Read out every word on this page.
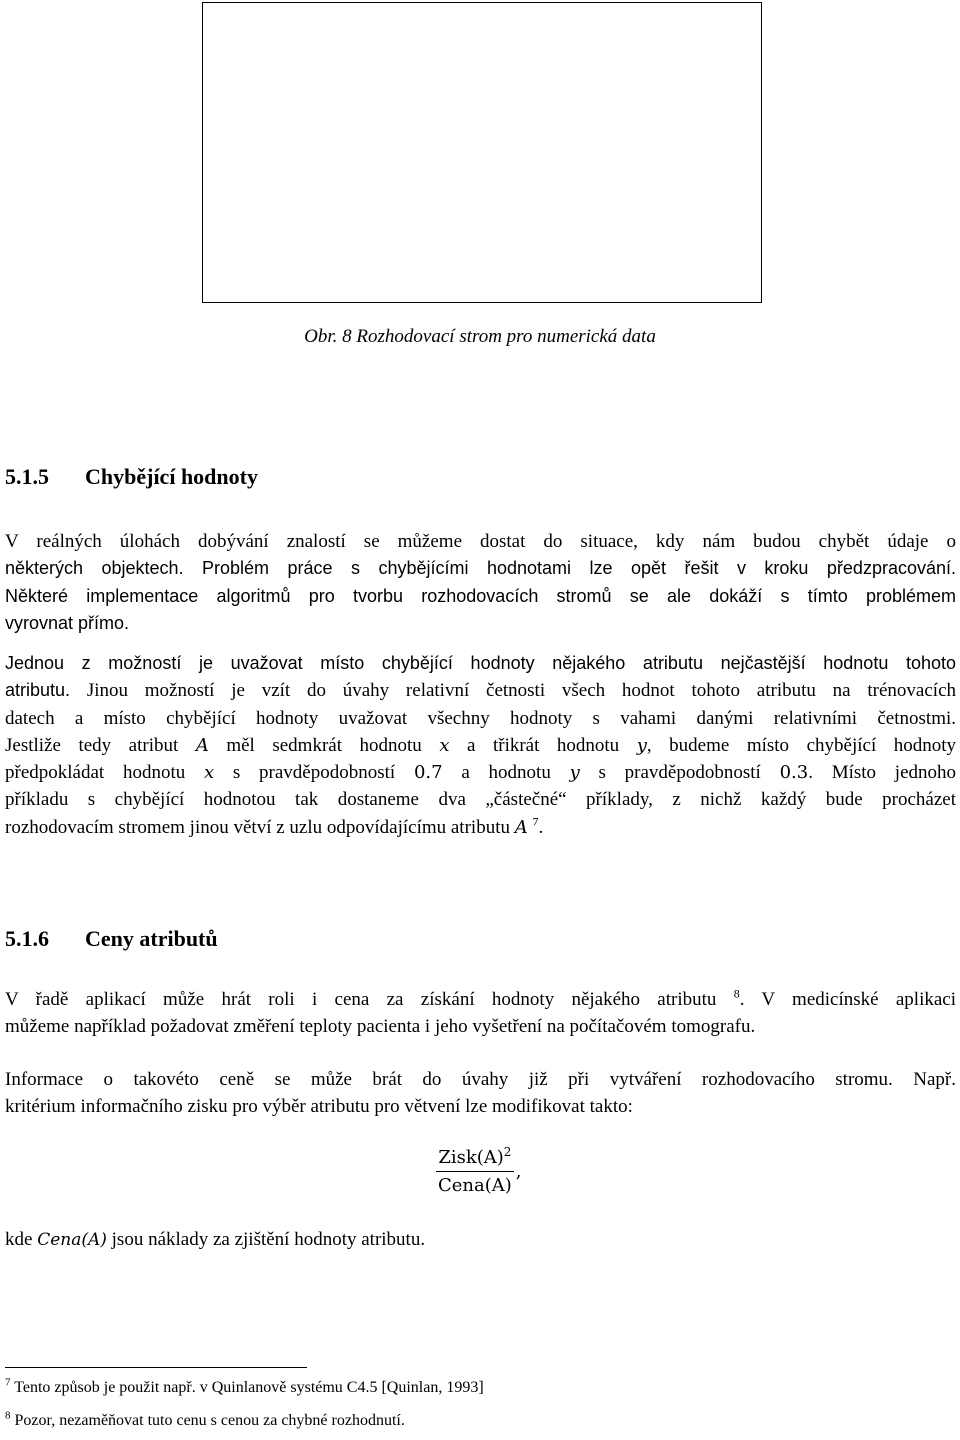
Obr. 8 Rozhodovací strom pro numerická data
5.1.5 Chybějící hodnoty
V reálných úlohách dobývání znalostí se můžeme dostat do situace, kdy nám budou chybět údaje o
některých objektech. Problém práce s chybějícími hodnotami lze opět řešit v kroku předzpracování.
Některé implementace algoritmů pro tvorbu rozhodovacích stromů se ale dokáží s tímto problémem
vyrovnat přímo.
Jednou z možností je uvažovat místo chybějící hodnoty nějakého atributu nejčastější hodnotu tohoto
atributu. Jinou možností je vzít do úvahy relativní četnosti všech hodnot tohoto atributu na trénovacích
datech a místo chybějící hodnoty uvažovat všechny hodnoty s vahami danými relativními četnostmi.
Jestliže tedy atribut A měl sedmkrát hodnotu x a třikrát hodnotu y, budeme místo chybějící hodnoty
předpokládat hodnotu x s pravděpodobností 0.7 a hodnotu y s pravděpodobností 0.3. Místo jednoho
příkladu s chybějící hodnotou tak dostaneme dva „částečné“ příklady, z nichž každý bude procházet
rozhodovacím stromem jinou větví z uzlu odpovídajícímu atributu A $^7$.
5.1.6 Ceny atributů
V řadě aplikací může hrát roli i cena za získání hodnoty nějakého atributu $^8$. V medicínské aplikaci
můžeme například požadovat změření teploty pacienta i jeho vyšetření na počítačovém tomografu.
Informace o takovéto ceně se může brát do úvahy již při vytváření rozhodovacího stromu. Např.
kritérium informačního zisku pro výběr atributu pro větvení lze modifikovat takto:
$\frac{Zisk(A)^2}{\text{Cena(A)}}$ ,
kde Cena(A) jsou náklady za zjištění hodnoty atributu.
$^7$ Tento způsob je použit např. v Quinlanově systému C4.5 [Quinlan, 1993]
$^8$ Pozor, nezaměňovat tuto cenu s cenou za chybné rozhodnutí.
